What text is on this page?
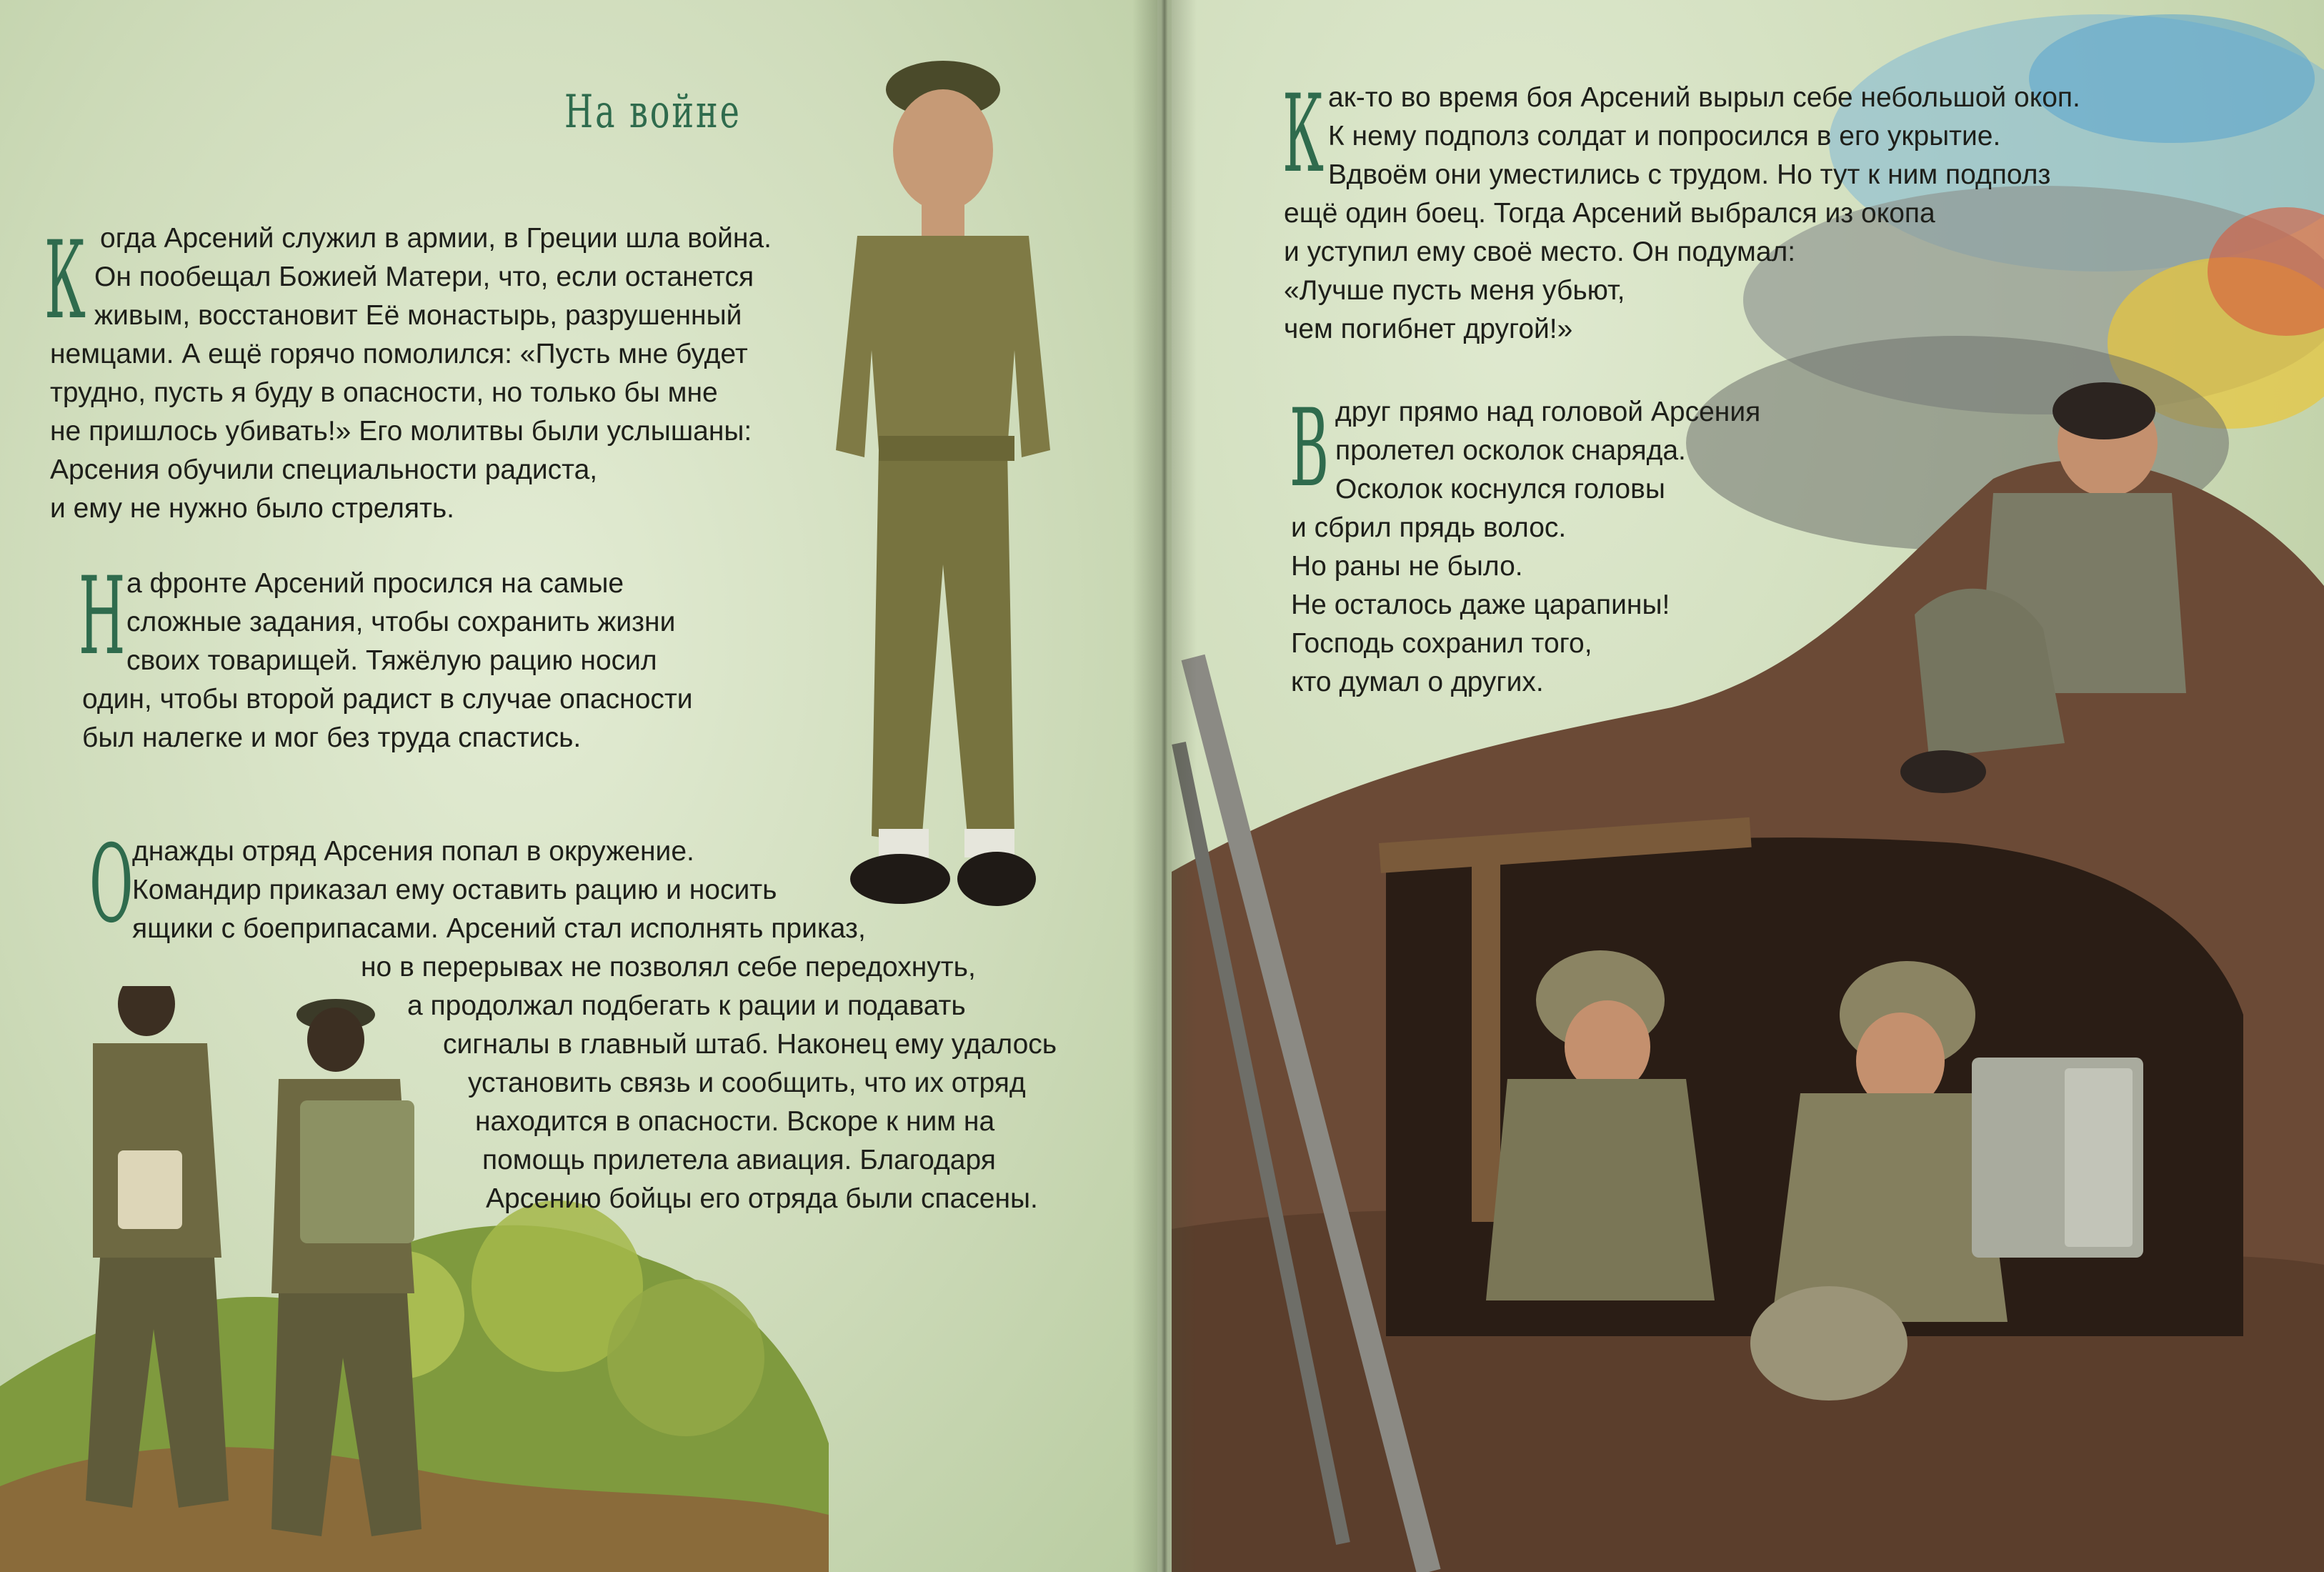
На войне
К огда Арсений служил в армии, в Греции шла война.
Он пообещал Божией Матери, что, если останется
живым, восстановит Её монастырь, разрушенный
немцами. А ещё горячо помолился: «Пусть мне будет
трудно, пусть я буду в опасности, но только бы мне
не пришлось убивать!» Его молитвы были услышаны:
Арсения обучили специальности радиста,
и ему не нужно было стрелять.
Н а фронте Арсений просился на самые
сложные задания, чтобы сохранить жизни
своих товарищей. Тяжёлую рацию носил
один, чтобы второй радист в случае опасности
был налегке и мог без труда спастись.
О
днажды отряд Арсения попал в окружение.
Командир приказал ему оставить рацию и носить
ящики с боеприпасами. Арсений стал исполнять приказ,
но в перерывах не позволял себе передохнуть,
а продолжал подбегать к рации и подавать
сигналы в главный штаб. Наконец ему удалось
установить связь и сообщить, что их отряд
находится в опасности. Вскоре к ним на
помощь прилетела авиация. Благодаря
Арсению бойцы его отряда были спасены.
К ак-то во время боя Арсений вырыл себе небольшой окоп.
К нему подполз солдат и попросился в его укрытие.
Вдвоём они уместились с трудом. Но тут к ним подполз
ещё один боец. Тогда Арсений выбрался из окопа
и уступил ему своё место. Он подумал:
«Лучше пусть меня убьют,
чем погибнет другой!»
В друг прямо над головой Арсения
пролетел осколок снаряда.
Осколок коснулся головы
и сбрил прядь волос.
Но раны не было.
Не осталось даже царапины!
Господь сохранил того,
кто думал о других.
